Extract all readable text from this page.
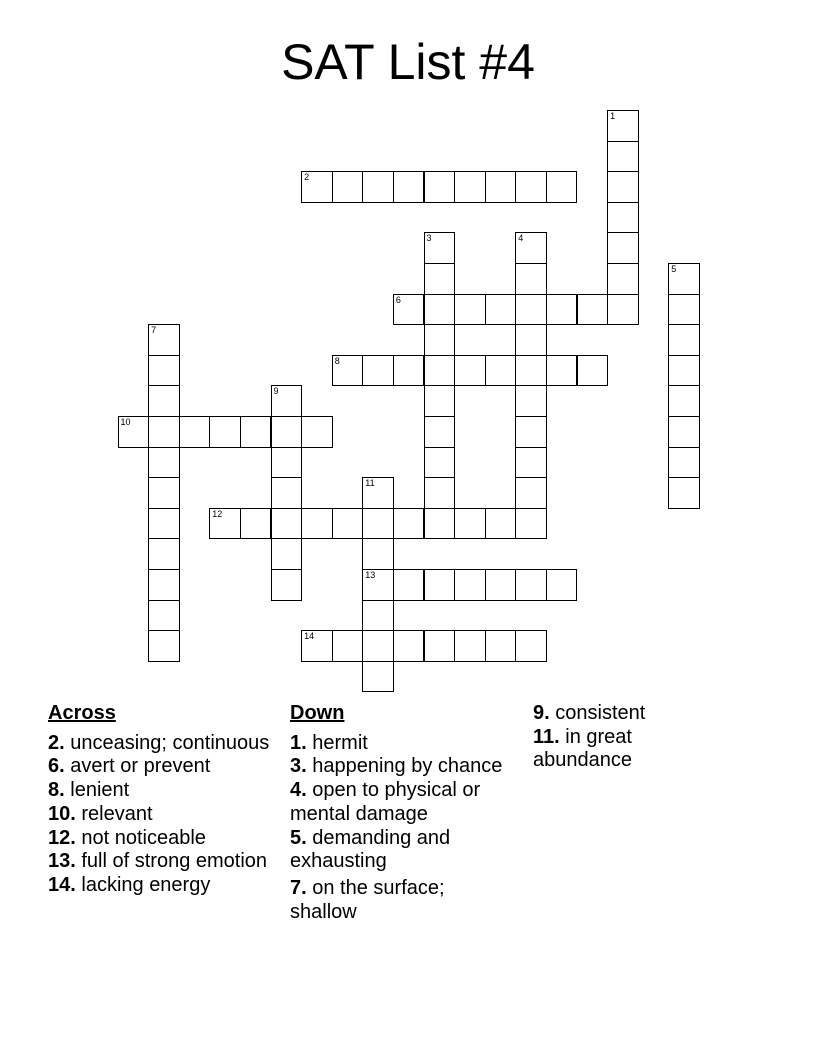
SAT List #4
1
2
3	4
5
6
7
8
9
10
11
13
12
14
Across
2. unceasing; continuous
6. avert or prevent
8. lenient
10. relevant
12. not noticeable
13. full of strong emotion
14. lacking energy
Down
1. hermit
3. happening by chance
4. open to physical or mental damage
5. demanding and exhausting
7. on the surface; shallow
9. consistent
11. in great abundance
